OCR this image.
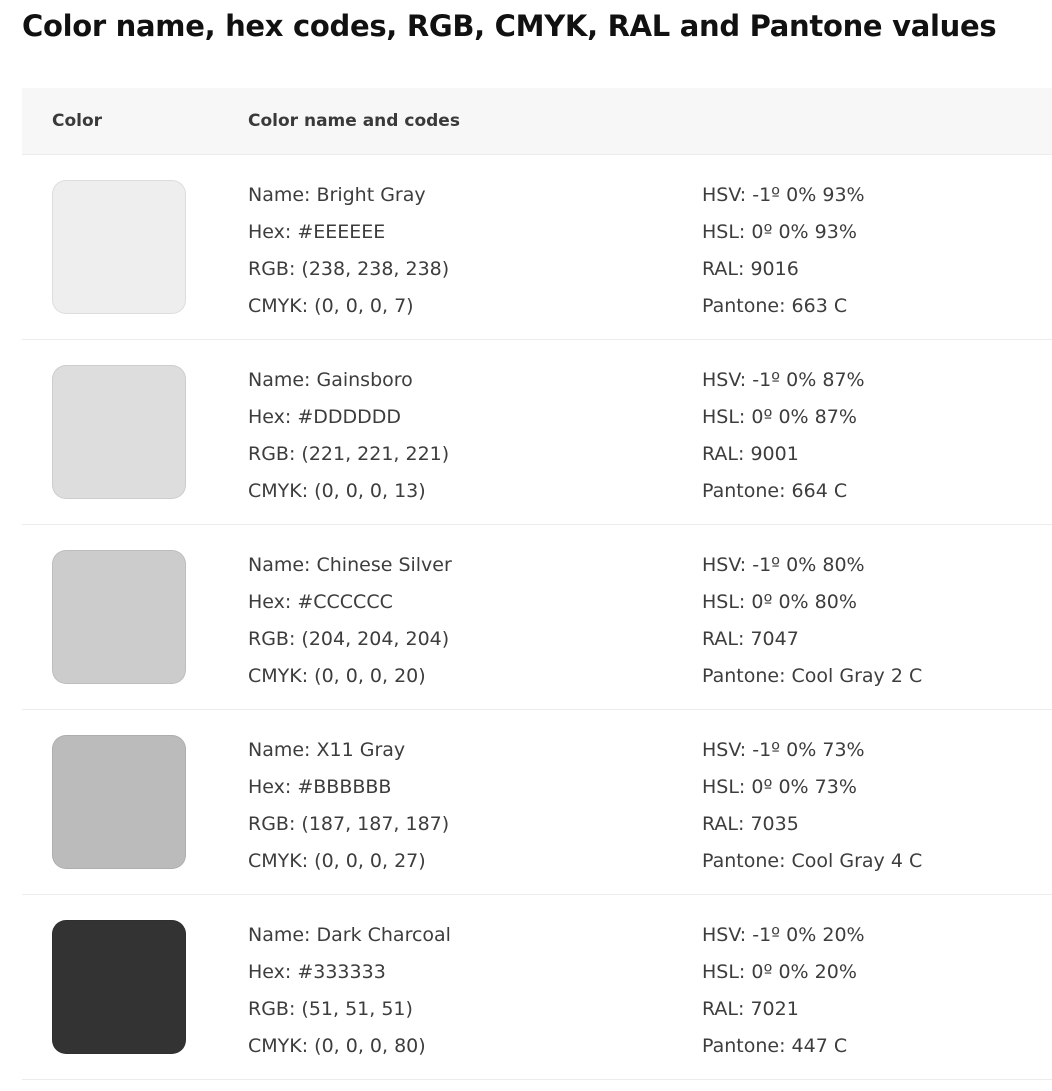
Color name, hex codes, RGB, CMYK, RAL and Pantone values
Color	Color name and codes
Name: Bright Gray
Hex: #EEEEEE
RGB: (238, 238, 238)
CMYK: (0, 0, 0, 7)
HSV: -1º 0% 93%
HSL: 0º 0% 93%
RAL: 9016
Pantone: 663 C
Name: Gainsboro
Hex: #DDDDDD
RGB: (221, 221, 221)
CMYK: (0, 0, 0, 13)
HSV: -1º 0% 87%
HSL: 0º 0% 87%
RAL: 9001
Pantone: 664 C
Name: Chinese Silver
Hex: #CCCCCC
RGB: (204, 204, 204)
CMYK: (0, 0, 0, 20)
HSV: -1º 0% 80%
HSL: 0º 0% 80%
RAL: 7047
Pantone: Cool Gray 2 C
Name: X11 Gray
Hex: #BBBBBB
RGB: (187, 187, 187)
CMYK: (0, 0, 0, 27)
HSV: -1º 0% 73%
HSL: 0º 0% 73%
RAL: 7035
Pantone: Cool Gray 4 C
Name: Dark Charcoal
Hex: #333333
RGB: (51, 51, 51)
CMYK: (0, 0, 0, 80)
HSV: -1º 0% 20%
HSL: 0º 0% 20%
RAL: 7021
Pantone: 447 C
